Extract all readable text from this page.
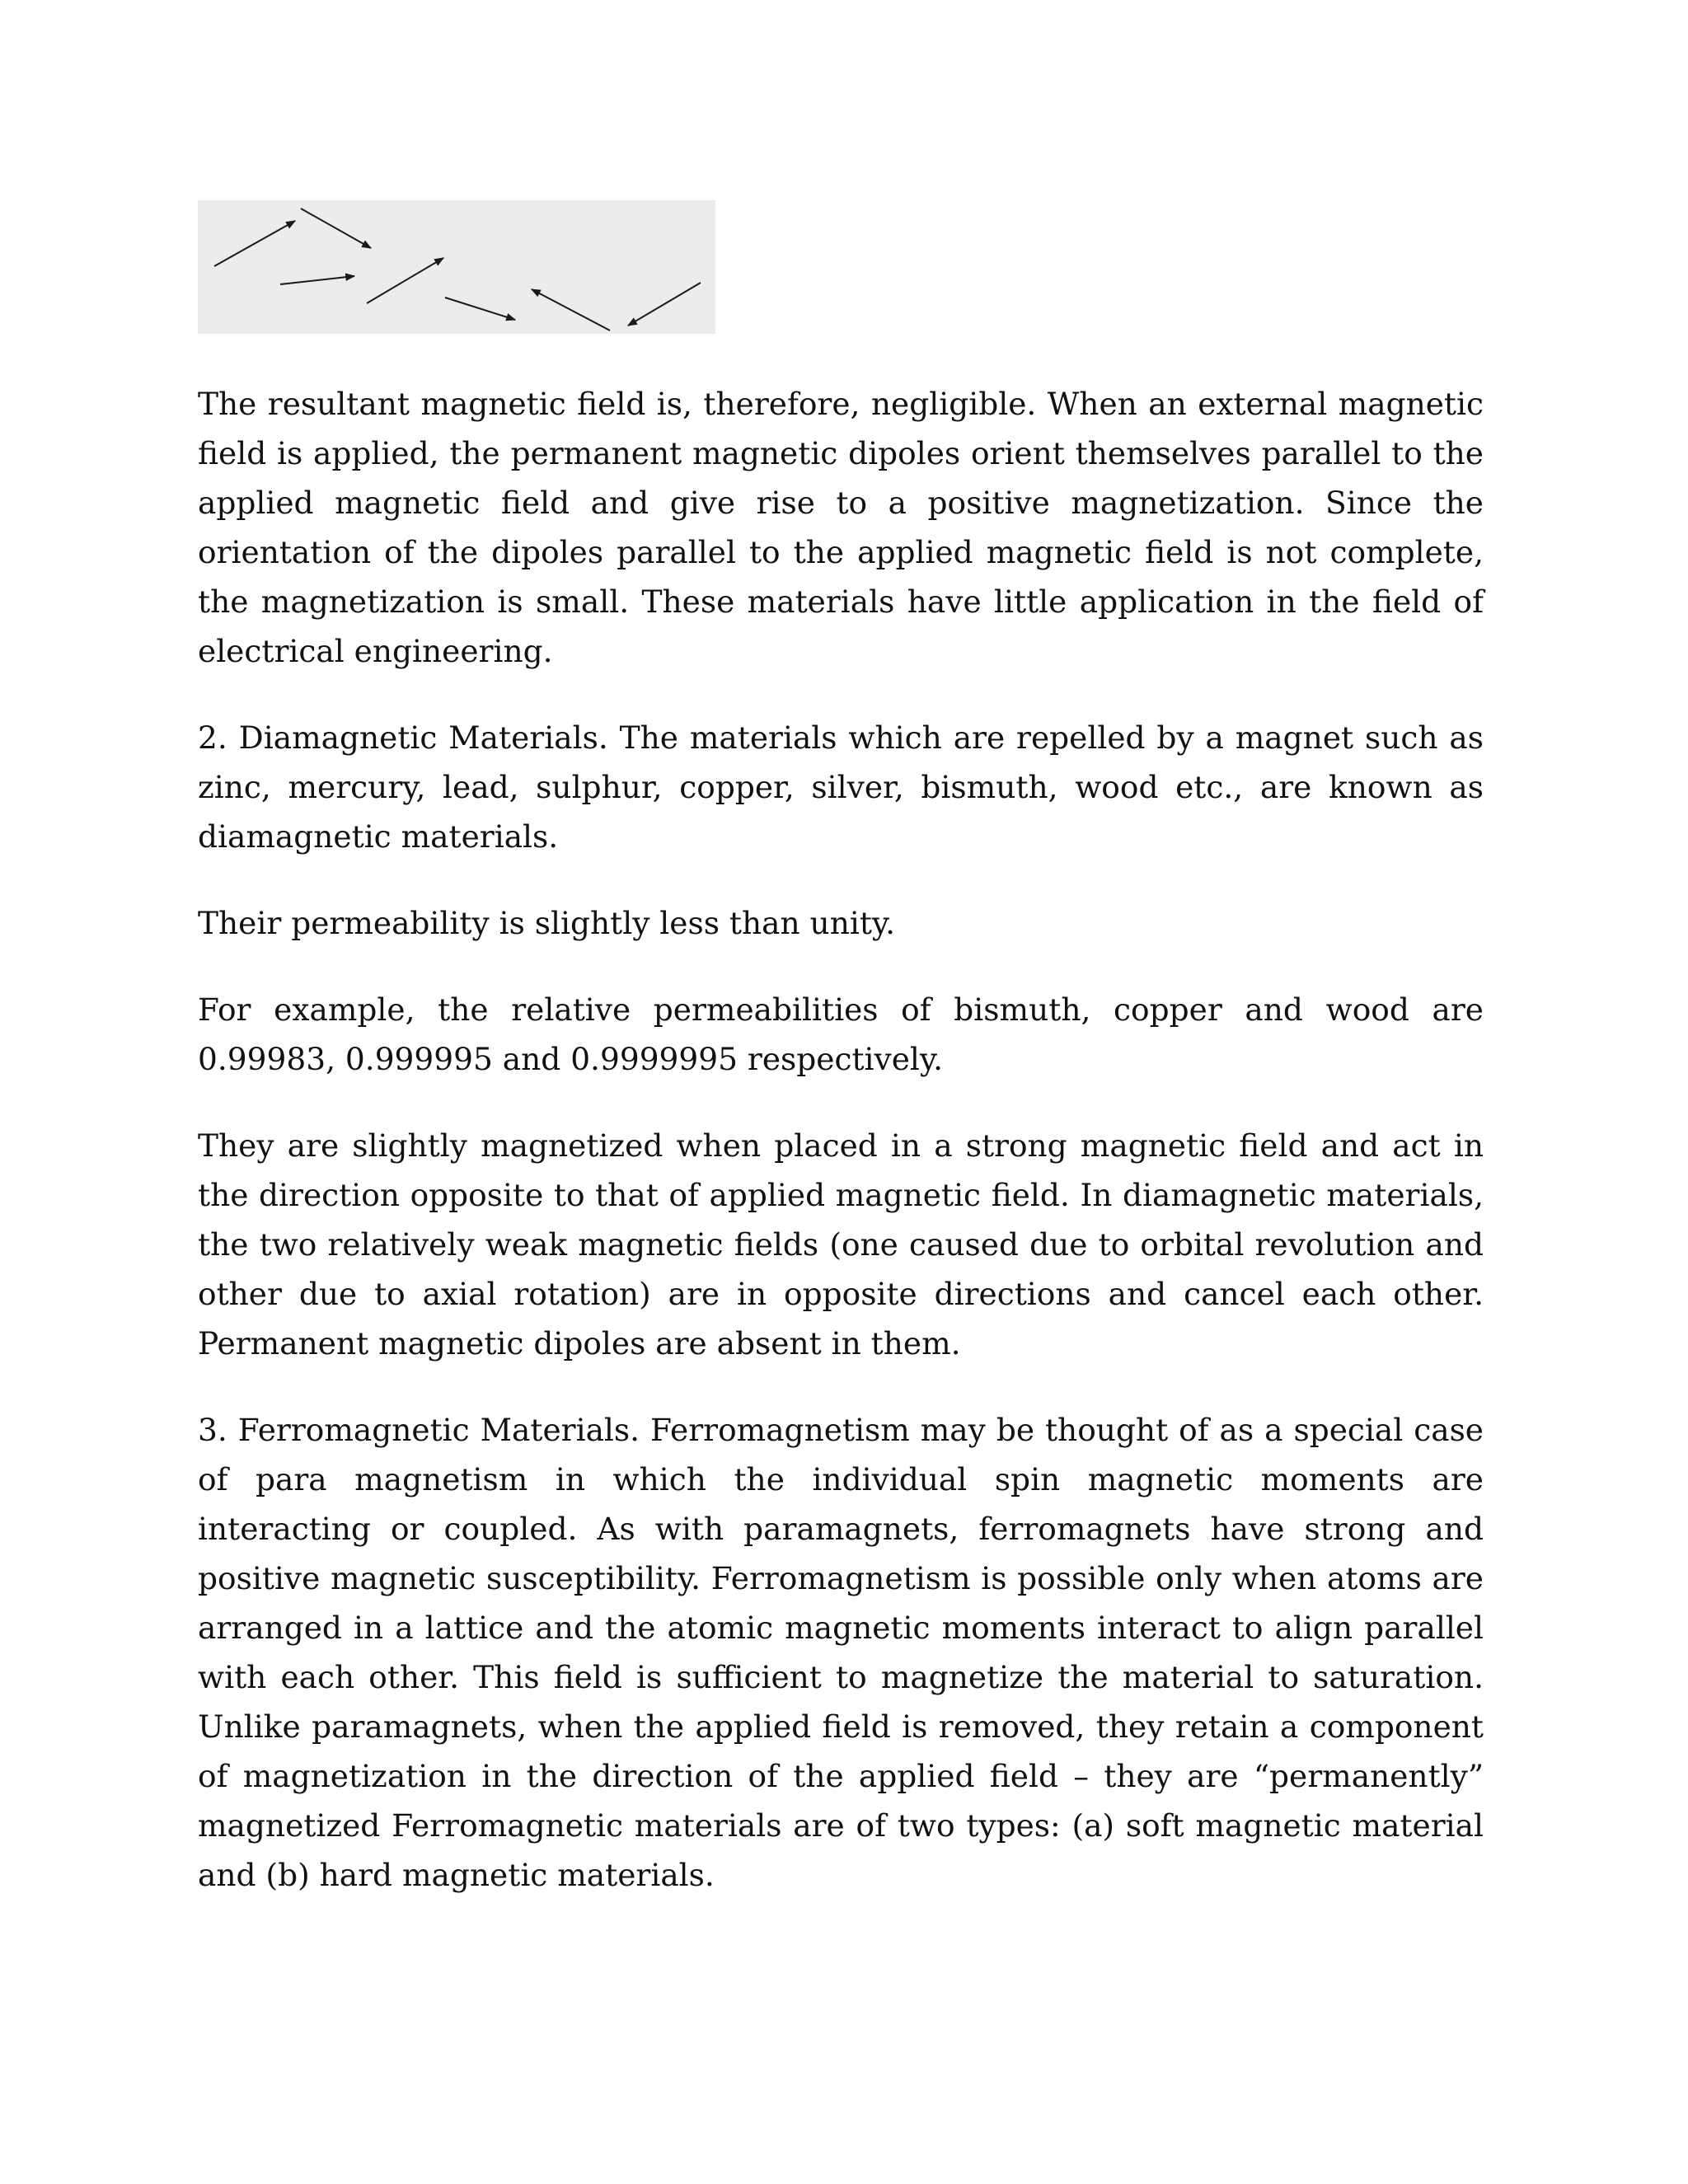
The resultant magnetic field is, therefore, negligible. When an external magnetic field is applied, the permanent magnetic dipoles orient themselves parallel to the applied magnetic field and give rise to a positive magnetization. Since the orientation of the dipoles parallel to the applied magnetic field is not complete, the magnetization is small. These materials have little application in the field of electrical engineering.

2. Diamagnetic Materials. The materials which are repelled by a magnet such as zinc, mercury, lead, sulphur, copper, silver, bismuth, wood etc., are known as diamagnetic materials.

Their permeability is slightly less than unity.

For example, the relative permeabilities of bismuth, copper and wood are 0.99983, 0.999995 and 0.9999995 respectively.

They are slightly magnetized when placed in a strong magnetic field and act in the direction opposite to that of applied magnetic field. In diamagnetic materials, the two relatively weak magnetic fields (one caused due to orbital revolution and other due to axial rotation) are in opposite directions and cancel each other. Permanent magnetic dipoles are absent in them.

3. Ferromagnetic Materials. Ferromagnetism may be thought of as a special case of para magnetism in which the individual spin magnetic moments are interacting or coupled. As with paramagnets, ferromagnets have strong and positive magnetic susceptibility. Ferromagnetism is possible only when atoms are arranged in a lattice and the atomic magnetic moments interact to align parallel with each other. This field is sufficient to magnetize the material to saturation. Unlike paramagnets, when the applied field is removed, they retain a component of magnetization in the direction of the applied field – they are “permanently” magnetized Ferromagnetic materials are of two types: (a) soft magnetic material and (b) hard magnetic materials.
